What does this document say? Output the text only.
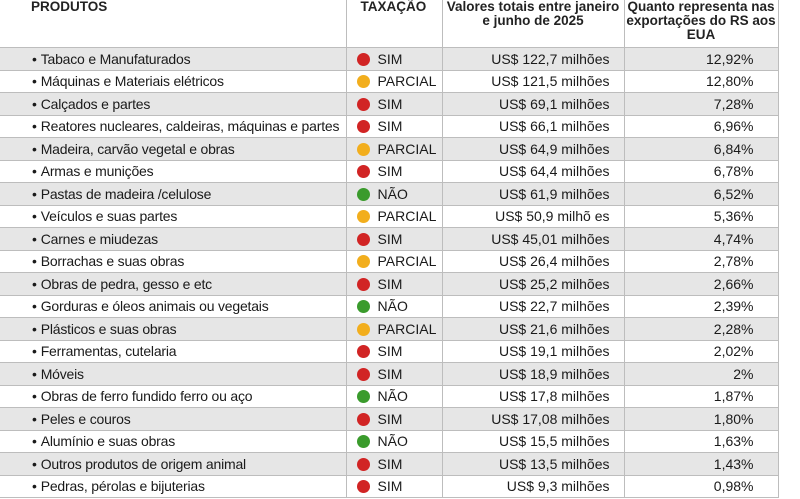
PRODUTOS	TAXAÇÃO	Valores totais entre janeiro e junho de 2025	Quanto representa nas exportações do RS aos EUA	
• Tabaco e Manufaturados	SIM	US$ 122,7 milhões	12,92%	
• Máquinas e Materiais elétricos	PARCIAL	US$ 121,5 milhões	12,80%	
• Calçados e partes	SIM	US$ 69,1 milhões	7,28%	
• Reatores nucleares, caldeiras, máquinas e partes	SIM	US$ 66,1 milhões	6,96%	
• Madeira, carvão vegetal e obras	PARCIAL	US$ 64,9 milhões	6,84%	
• Armas e munições	SIM	US$ 64,4 milhões	6,78%	
• Pastas de madeira /celulose	NÃO	US$ 61,9 milhões	6,52%	
• Veículos e suas partes	PARCIAL	US$ 50,9 milhõ es	5,36%	
• Carnes e miudezas	SIM	US$ 45,01 milhões	4,74%	
• Borrachas e suas obras	PARCIAL	US$ 26,4 milhões	2,78%	
• Obras de pedra, gesso e etc	SIM	US$ 25,2 milhões	2,66%	
• Gorduras e óleos animais ou vegetais	NÃO	US$ 22,7 milhões	2,39%	
• Plásticos e suas obras	PARCIAL	US$ 21,6 milhões	2,28%	
• Ferramentas, cutelaria	SIM	US$ 19,1 milhões	2,02%	
• Móveis	SIM	US$ 18,9 milhões	2%	
• Obras de ferro fundido ferro ou aço	NÃO	US$ 17,8 milhões	1,87%	
• Peles e couros	SIM	US$ 17,08 milhões	1,80%	
• Alumínio e suas obras	NÃO	US$ 15,5 milhões	1,63%	
• Outros produtos de origem animal	SIM	US$ 13,5 milhões	1,43%	
• Pedras, pérolas e bijuterias	SIM	US$ 9,3 milhões	0,98%	
